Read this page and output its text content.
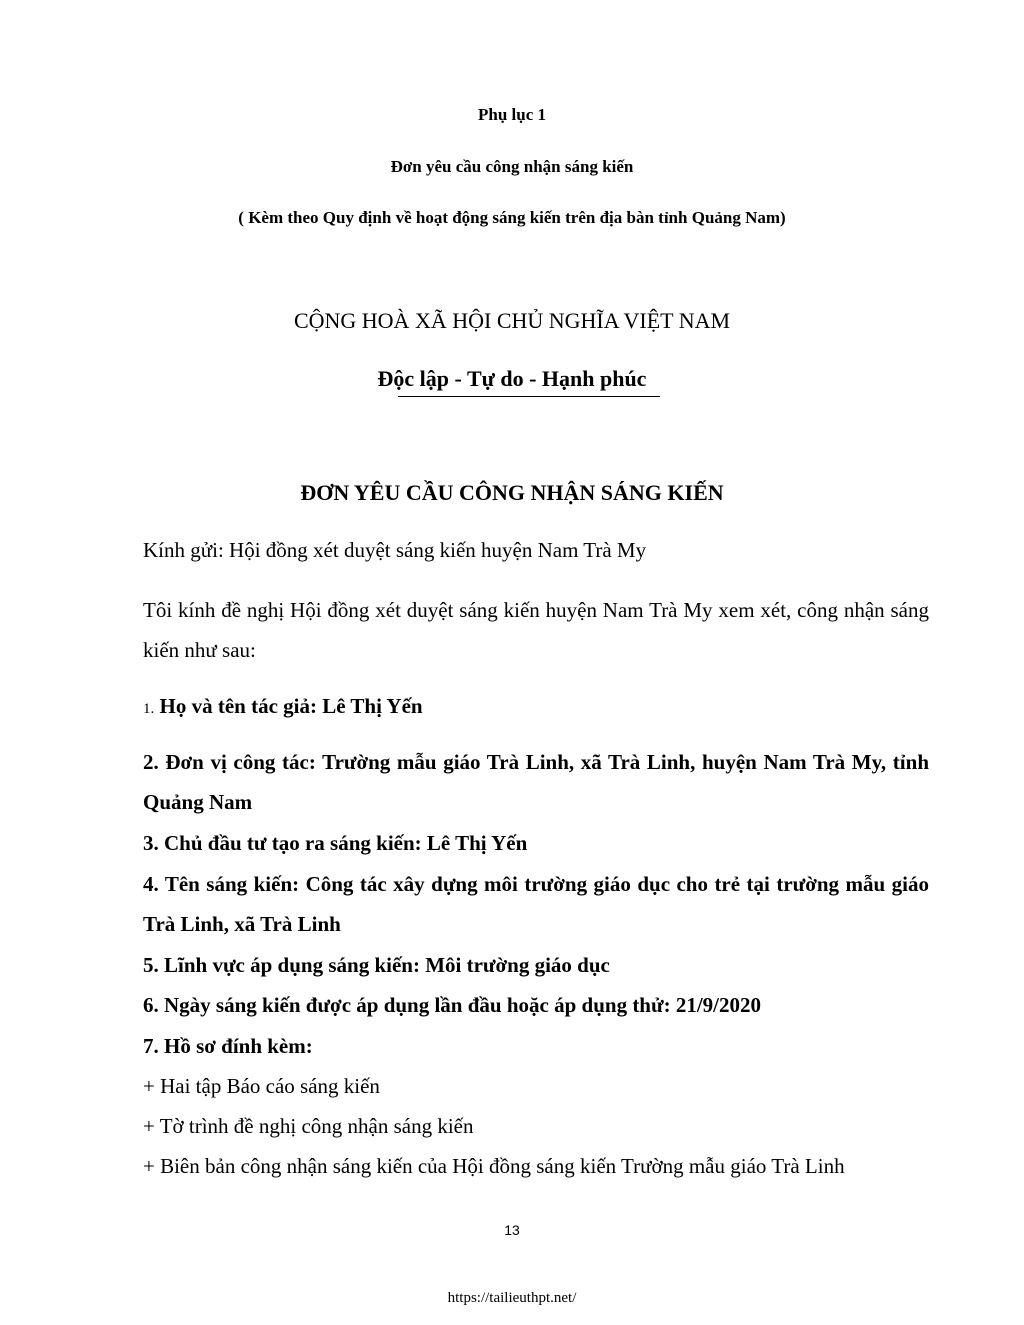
Phụ lục 1
Đơn yêu cầu công nhận sáng kiến
( Kèm theo Quy định về hoạt động sáng kiến trên địa bàn tỉnh Quảng Nam)
CỘNG HOÀ XÃ HỘI CHỦ NGHĨA VIỆT NAM
Độc lập - Tự do - Hạnh phúc
ĐƠN YÊU CẦU CÔNG NHẬN SÁNG KIẾN
Kính gửi: Hội đồng xét duyệt sáng kiến huyện Nam Trà My
Tôi kính đề nghị Hội đồng xét duyệt sáng kiến huyện Nam Trà My xem xét, công nhận sáng kiến như sau:
1. Họ và tên tác giả: Lê Thị Yến
2. Đơn vị công tác: Trường mẫu giáo Trà Linh, xã Trà Linh, huyện Nam Trà My, tỉnh Quảng Nam
3. Chủ đầu tư tạo ra sáng kiến: Lê Thị Yến
4. Tên sáng kiến: Công tác xây dựng môi trường giáo dục cho trẻ tại trường mẫu giáo Trà Linh, xã Trà Linh
5. Lĩnh vực áp dụng sáng kiến: Môi trường giáo dục
6. Ngày sáng kiến được áp dụng lần đầu hoặc áp dụng thử: 21/9/2020
7. Hồ sơ đính kèm:
+ Hai tập Báo cáo sáng kiến
+ Tờ trình đề nghị công nhận sáng kiến
+ Biên bản công nhận sáng kiến của Hội đồng sáng kiến Trường mẫu giáo Trà Linh
13
https://tailieuthpt.net/
